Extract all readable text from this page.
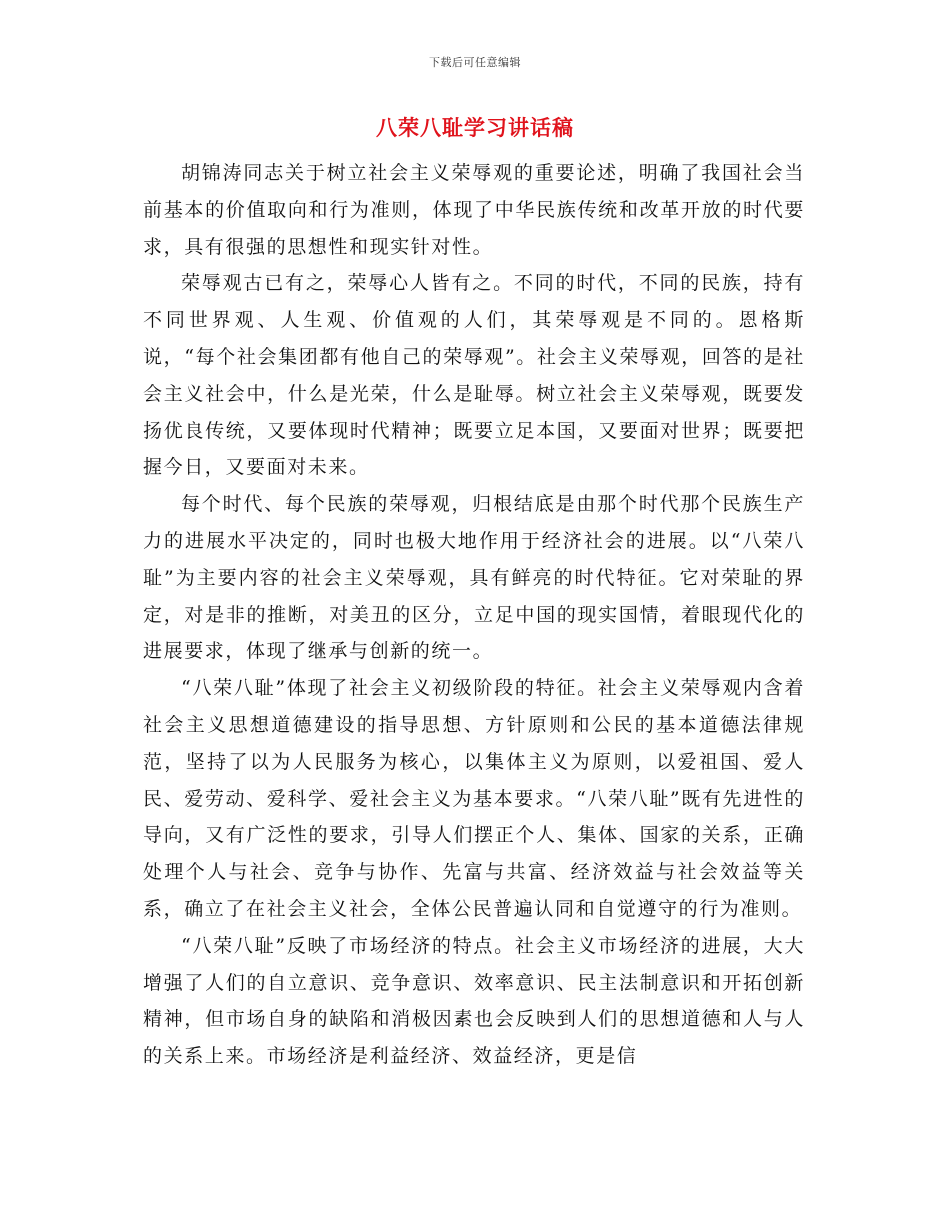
下载后可任意编辑
八荣八耻学习讲话稿

胡锦涛同志关于树立社会主义荣辱观的重要论述，明确了我国社会当前基本的价值取向和行为准则，体现了中华民族传统和改革开放的时代要求，具有很强的思想性和现实针对性。

荣辱观古已有之，荣辱心人皆有之。不同的时代，不同的民族，持有不同世界观、人生观、价值观的人们，其荣辱观是不同的。恩格斯说，“每个社会集团都有他自己的荣辱观”。社会主义荣辱观，回答的是社会主义社会中，什么是光荣，什么是耻辱。树立社会主义荣辱观，既要发扬优良传统，又要体现时代精神；既要立足本国，又要面对世界；既要把握今日，又要面对未来。

每个时代、每个民族的荣辱观，归根结底是由那个时代那个民族生产力的进展水平决定的，同时也极大地作用于经济社会的进展。以“八荣八耻”为主要内容的社会主义荣辱观，具有鲜亮的时代特征。它对荣耻的界定，对是非的推断，对美丑的区分，立足中国的现实国情，着眼现代化的进展要求，体现了继承与创新的统一。

“八荣八耻”体现了社会主义初级阶段的特征。社会主义荣辱观内含着社会主义思想道德建设的指导思想、方针原则和公民的基本道德法律规范，坚持了以为人民服务为核心，以集体主义为原则，以爱祖国、爱人民、爱劳动、爱科学、爱社会主义为基本要求。“八荣八耻”既有先进性的导向，又有广泛性的要求，引导人们摆正个人、集体、国家的关系，正确处理个人与社会、竞争与协作、先富与共富、经济效益与社会效益等关系，确立了在社会主义社会，全体公民普遍认同和自觉遵守的行为准则。

“八荣八耻”反映了市场经济的特点。社会主义市场经济的进展，大大增强了人们的自立意识、竞争意识、效率意识、民主法制意识和开拓创新精神，但市场自身的缺陷和消极因素也会反映到人们的思想道德和人与人的关系上来。市场经济是利益经济、效益经济，更是信
